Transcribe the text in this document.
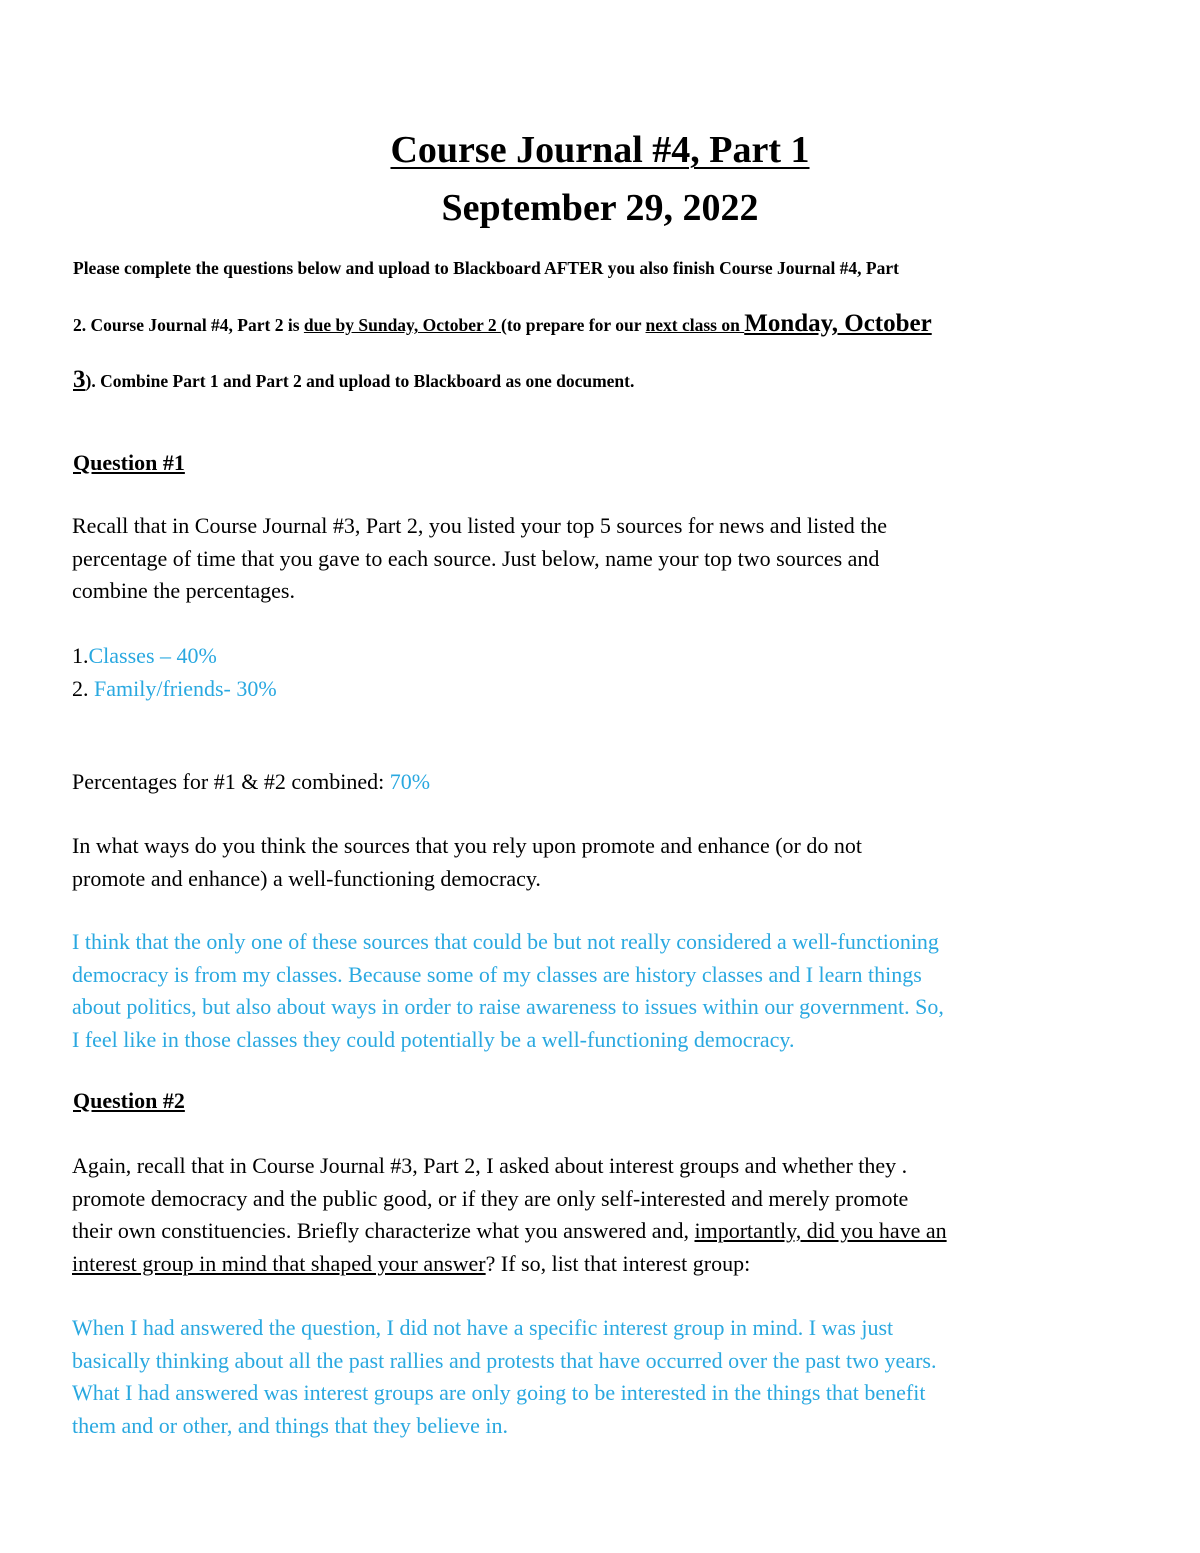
Course Journal #4, Part 1
September 29, 2022
Please complete the questions below and upload to Blackboard AFTER you also finish Course Journal #4, Part
2. Course Journal #4, Part 2 is due by Sunday, October 2 (to prepare for our next class on Monday, October
3). Combine Part 1 and Part 2 and upload to Blackboard as one document.
Question #1
Recall that in Course Journal #3, Part 2, you listed your top 5 sources for news and listed the
percentage of time that you gave to each source. Just below, name your top two sources and
combine the percentages.
1.Classes – 40%
2. Family/friends- 30%
Percentages for #1 & #2 combined: 70%
In what ways do you think the sources that you rely upon promote and enhance (or do not
promote and enhance) a well-functioning democracy.
I think that the only one of these sources that could be but not really considered a well-functioning
democracy is from my classes. Because some of my classes are history classes and I learn things
about politics, but also about ways in order to raise awareness to issues within our government. So,
I feel like in those classes they could potentially be a well-functioning democracy.
Question #2
Again, recall that in Course Journal #3, Part 2, I asked about interest groups and whether they .
promote democracy and the public good, or if they are only self-interested and merely promote
their own constituencies. Briefly characterize what you answered and, importantly, did you have an
interest group in mind that shaped your answer? If so, list that interest group:
When I had answered the question, I did not have a specific interest group in mind. I was just
basically thinking about all the past rallies and protests that have occurred over the past two years.
What I had answered was interest groups are only going to be interested in the things that benefit
them and or other, and things that they believe in.
